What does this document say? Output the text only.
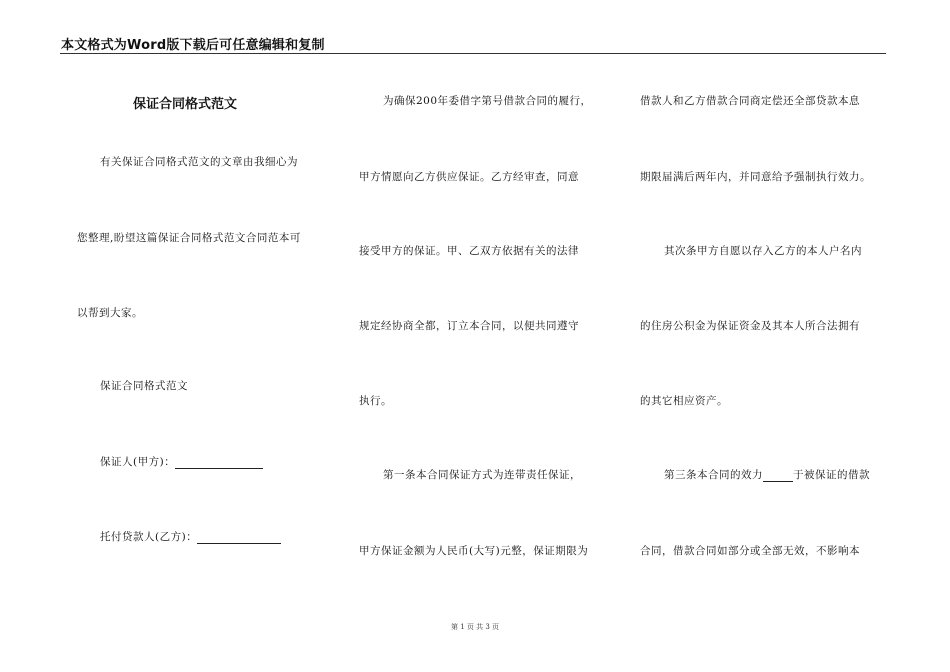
本文格式为Word版下载后可任意编辑和复制
保证合同格式范文
有关保证合同格式范文的文章由我细心为
您整理,盼望这篇保证合同格式范文合同范本可
以帮到大家。
保证合同格式范文
保证人(甲方)：
托付贷款人(乙方)：
为确保200年委借字第号借款合同的履行，
甲方情愿向乙方供应保证。乙方经审查，同意
接受甲方的保证。甲、乙双方依据有关的法律
规定经协商全都，订立本合同，以便共同遵守
执行。
第一条本合同保证方式为连带责任保证，
甲方保证金额为人民币(大写)元整，保证期限为
借款人和乙方借款合同商定偿还全部贷款本息
期限届满后两年内，并同意给予强制执行效力。
其次条甲方自愿以存入乙方的本人户名内
的住房公积金为保证资金及其本人所合法拥有
的其它相应资产。
第三条本合同的效力	于被保证的借款
合同，借款合同如部分或全部无效，不影响本
第 1 页 共 3 页
